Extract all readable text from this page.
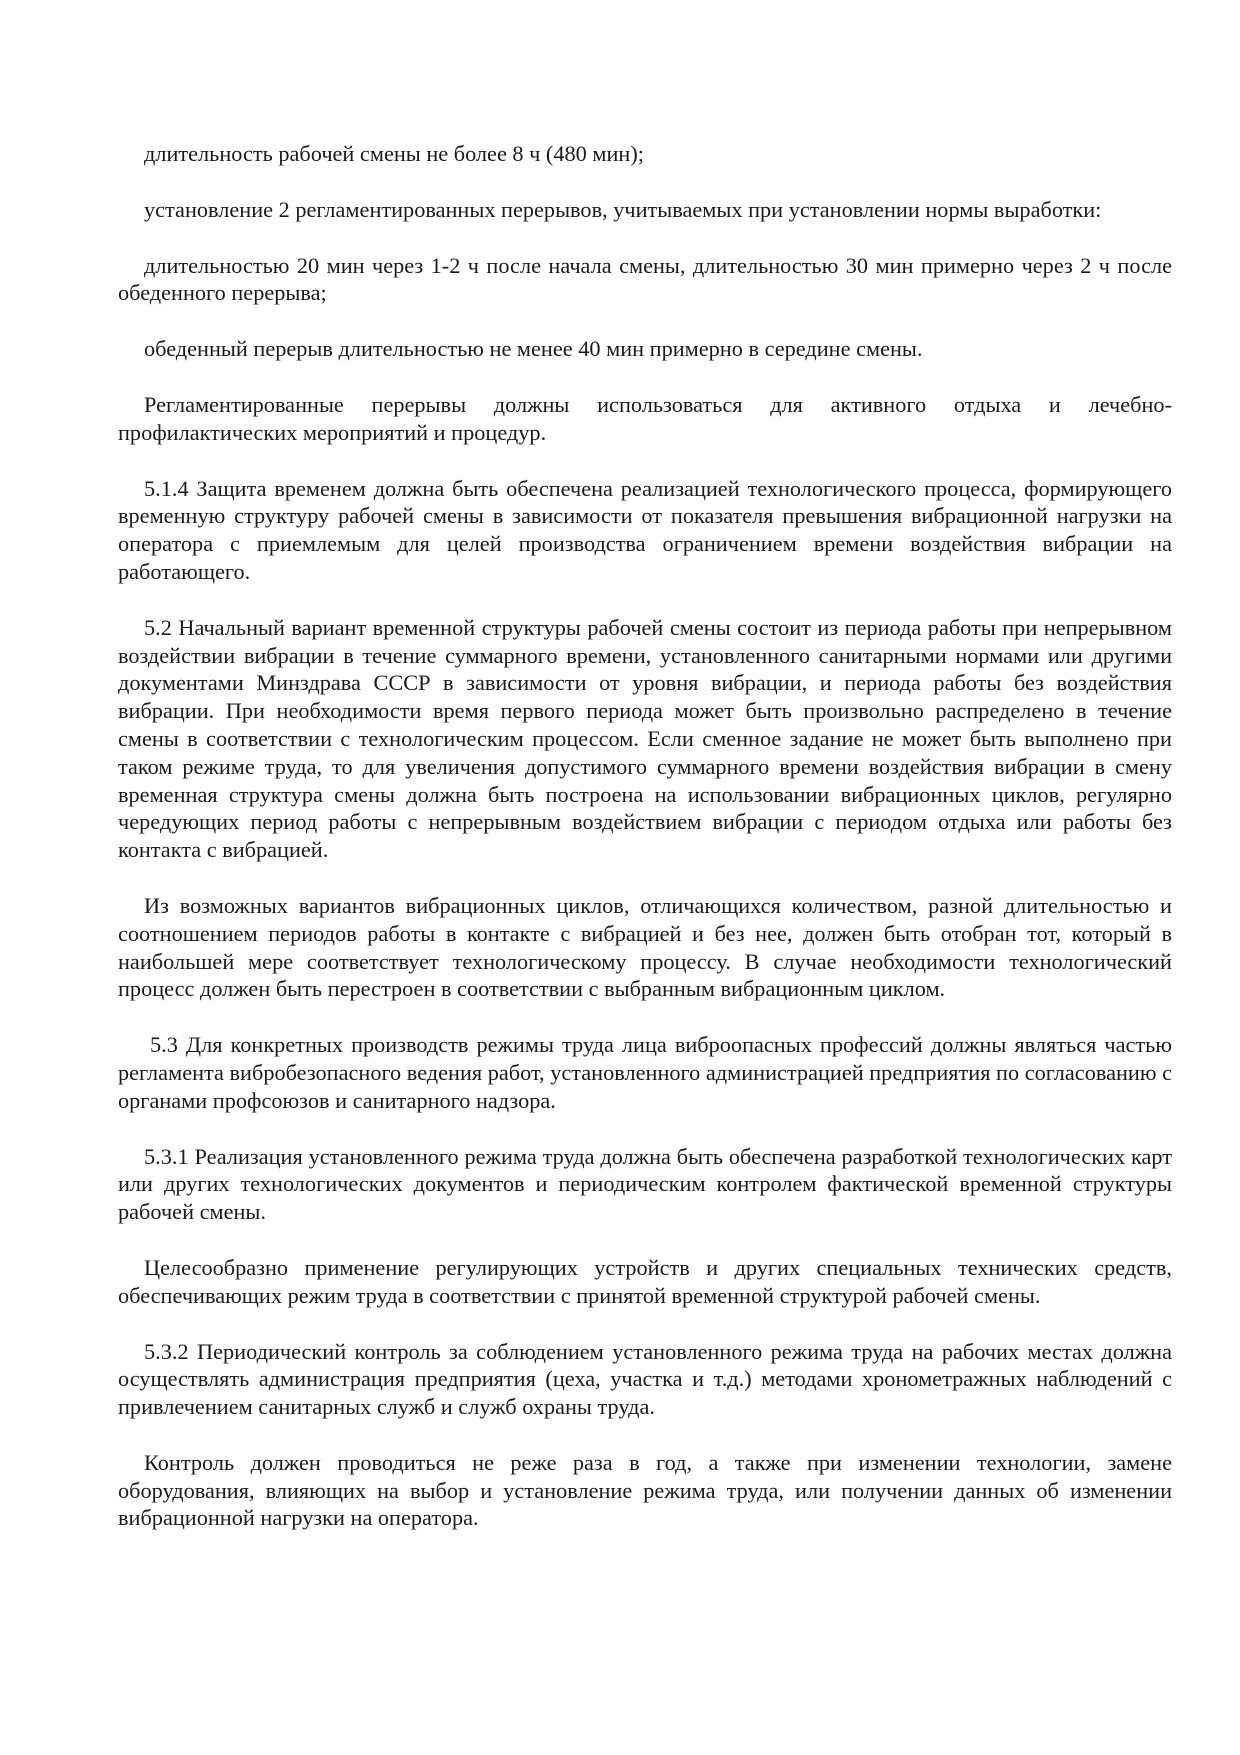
длительность рабочей смены не более 8 ч (480 мин);

установление 2 регламентированных перерывов, учитываемых при установлении нормы выработки:

длительностью 20 мин через 1-2 ч после начала смены, длительностью 30 мин примерно через 2 ч после обеденного перерыва;

обеденный перерыв длительностью не менее 40 мин примерно в середине смены.

Регламентированные перерывы должны использоваться для активного отдыха и лечебно-профилактических мероприятий и процедур.

5.1.4 Защита временем должна быть обеспечена реализацией технологического процесса, формирующего временную структуру рабочей смены в зависимости от показателя превышения вибрационной нагрузки на оператора с приемлемым для целей производства ограничением времени воздействия вибрации на работающего.

5.2 Начальный вариант временной структуры рабочей смены состоит из периода работы при непрерывном воздействии вибрации в течение суммарного времени, установленного санитарными нормами или другими документами Минздрава СССР в зависимости от уровня вибрации, и периода работы без воздействия вибрации. При необходимости время первого периода может быть произвольно распределено в течение смены в соответствии с технологическим процессом. Если сменное задание не может быть выполнено при таком режиме труда, то для увеличения допустимого суммарного времени воздействия вибрации в смену временная структура смены должна быть построена на использовании вибрационных циклов, регулярно чередующих период работы с непрерывным воздействием вибрации с периодом отдыха или работы без контакта с вибрацией.

Из возможных вариантов вибрационных циклов, отличающихся количеством, разной длительностью и соотношением периодов работы в контакте с вибрацией и без нее, должен быть отобран тот, который в наибольшей мере соответствует технологическому процессу. В случае необходимости технологический процесс должен быть перестроен в соответствии с выбранным вибрационным циклом.

5.3 Для конкретных производств режимы труда лица виброопасных профессий должны являться частью регламента вибробезопасного ведения работ, установленного администрацией предприятия по согласованию с органами профсоюзов и санитарного надзора.

5.3.1 Реализация установленного режима труда должна быть обеспечена разработкой технологических карт или других технологических документов и периодическим контролем фактической временной структуры рабочей смены.

Целесообразно применение регулирующих устройств и других специальных технических средств, обеспечивающих режим труда в соответствии с принятой временной структурой рабочей смены.

5.3.2 Периодический контроль за соблюдением установленного режима труда на рабочих местах должна осуществлять администрация предприятия (цеха, участка и т.д.) методами хронометражных наблюдений с привлечением санитарных служб и служб охраны труда.

Контроль должен проводиться не реже раза в год, а также при изменении технологии, замене оборудования, влияющих на выбор и установление режима труда, или получении данных об изменении вибрационной нагрузки на оператора.
